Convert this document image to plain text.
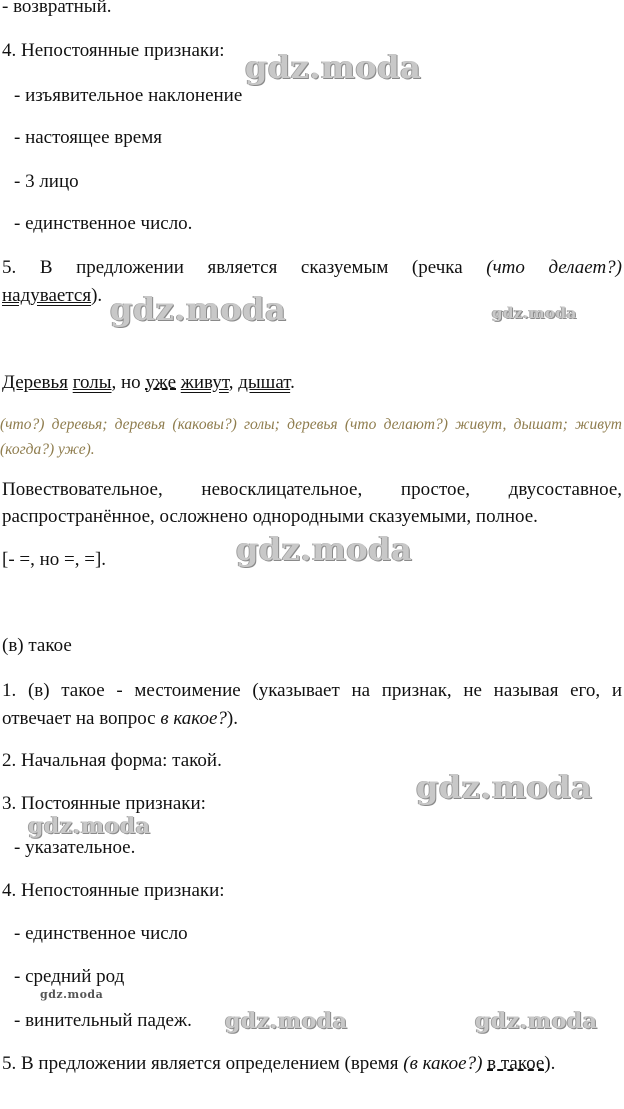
- возвратный.
4. Непостоянные признаки:
- изъявительное наклонение
- настоящее время
- 3 лицо
- единственное число.
5. В предложении является сказуемым (речка (что делает?)
надувается).
Деревья голы, но уже живут, дышат.
(что?) деревья; деревья (каковы?) голы; деревья (что делают?) живут, дышат; живут (когда?) уже).
Повествовательное, невосклицательное, простое, двусоставное,
распространённое, осложнено однородными сказуемыми, полное.
[- =, но =, =].
(в) такое
1. (в) такое - местоимение (указывает на признак, не называя его, и
отвечает на вопрос в какое?).
2. Начальная форма: такой.
3. Постоянные признаки:
- указательное.
4. Непостоянные признаки:
- единственное число
- средний род
- винительный падеж.
5. В предложении является определением (время (в какое?) в такое).
gdz.moda
gdz.moda	gdz.moda
gdz.moda
gdz.moda
gdz.moda
gdz.moda
gdz.moda	gdz.moda
